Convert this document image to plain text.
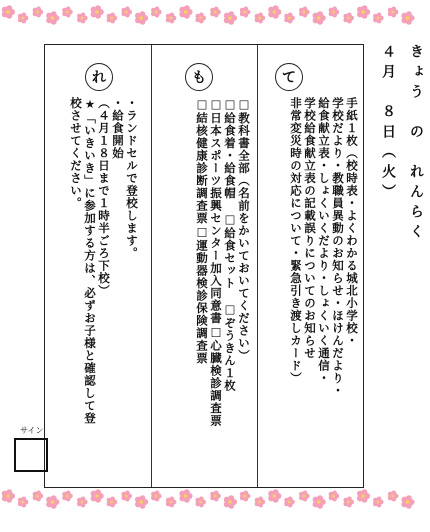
きょう　の　れんらく
４月　８日（火）
て
手紙１枚（校時表・よくわかる城北小学校・
学校だより・教職員異動のお知らせ・ほけんだより・
給食献立表・しょくいくだより・しょくいく通信・
学校給食献立表の記載誤りについてのお知らせ
非常変災時の対応について・緊急引き渡しカード）
も
□教科書全部（名前をかいておいてください）
□給食着・給食帽　□給食セット　□ぞうきん１枚
□日本スポーツ振興センター加入同意書□心臓検診調査票
□結核健康診断調査票□運動器検診保険調査票
れ
・ランドセルで登校します。
・給食開始
（４月１８日まで１時半ごろ下校）
★「いきいき」に参加する方は、必ずお子様と確認して登
校させてください。
サイン
